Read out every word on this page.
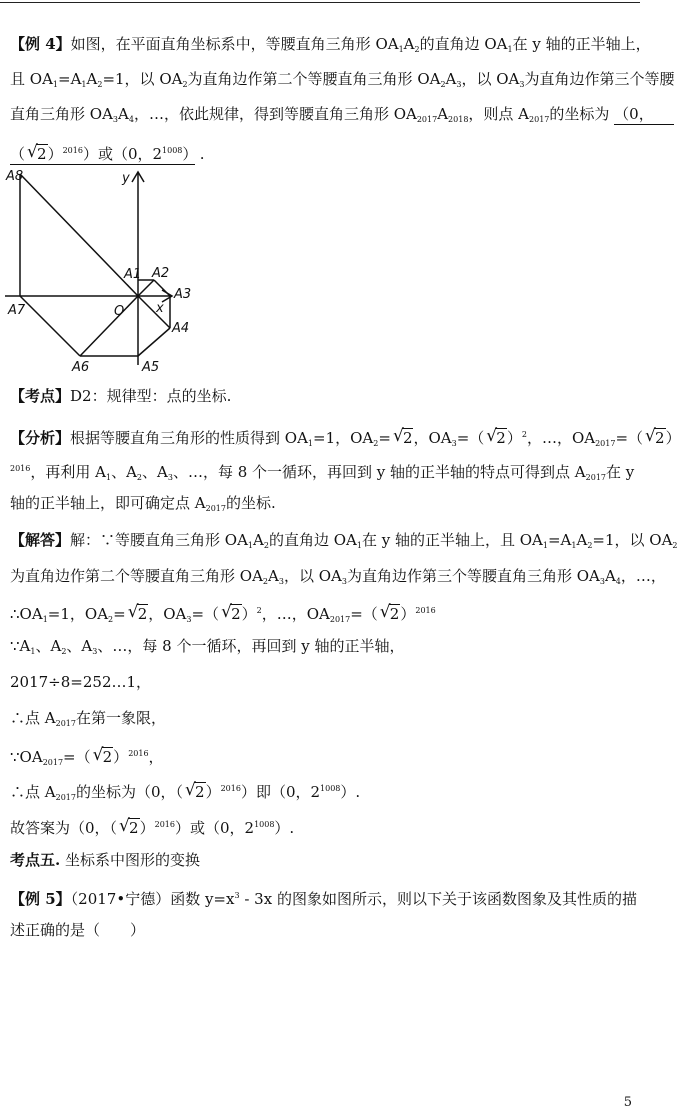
【例 4】如图，在平面直角坐标系中，等腰直角三角形 $OA_1A_2$的直角边 $OA_1$在 y 轴的正半轴上，
且 $OA_1=A_1A_2=1$，以 $OA_2$为直角边作第二个等腰直角三角形 $OA_2A_3$，以 $OA_3$为直角边作第三个等腰
直角三角形 $OA_3A_4$，…，依此规律，得到等腰直角三角形 $OA_{2017}A_{2018}$，则点 $A_{2017}$的坐标为 （0，
（ √ 2）$^{2016}$）或（0，$2^{1008}$） .
A8	y
A1 A2
A3
A7	O x
A4
A6	A5
【考点】D2：规律型：点的坐标.
【分析】根据等腰直角三角形的性质得到 $OA_1=1$，$OA_2=$ √ 2，$OA_3=$（ √ 2）$^2$，…，$OA_{2017}=$（ √ 2）
$^{2016}$，再利用 $A_1$、$A_2$、$A_3$、…，每 8 个一循环，再回到 y 轴的正半轴的特点可得到点 $A_{2017}$在 y
轴的正半轴上，即可确定点 $A_{2017}$的坐标.
【解答】解：∵等腰直角三角形 $OA_1A_2$的直角边 $OA_1$在 y 轴的正半轴上，且 $OA_1=A_1A_2=1$，以 $OA_2$
为直角边作第二个等腰直角三角形 $OA_2A_3$，以 $OA_3$为直角边作第三个等腰直角三角形 $OA_3A_4$，…，
$\therefore OA_1=1$，$OA_2=$ √ 2，$OA_3=$（ √ 2）$^2$，…，$OA_{2017}=$（ √ 2）$^{2016}$
$\because A_1$、$A_2$、$A_3$、…，每 8 个一循环，再回到 y 轴的正半轴，
2017÷8=252…1，
∴点 $A_{2017}$在第一象限，
$\because OA_{2017}=$（ √ 2）$^{2016}$，
∴点 $A_{2017}$的坐标为（0，（ √ 2）$^{2016}$）即（0，$2^{1008}$）.
故答案为（0，（ √ 2）$^{2016}$）或（0，$2^{1008}$）.
考点五. 坐标系中图形的变换
【例 5】（2017•宁德）函数 $y=x^3 - 3x$ 的图象如图所示，则以下关于该函数图象及其性质的描
述正确的是（　　）
5
